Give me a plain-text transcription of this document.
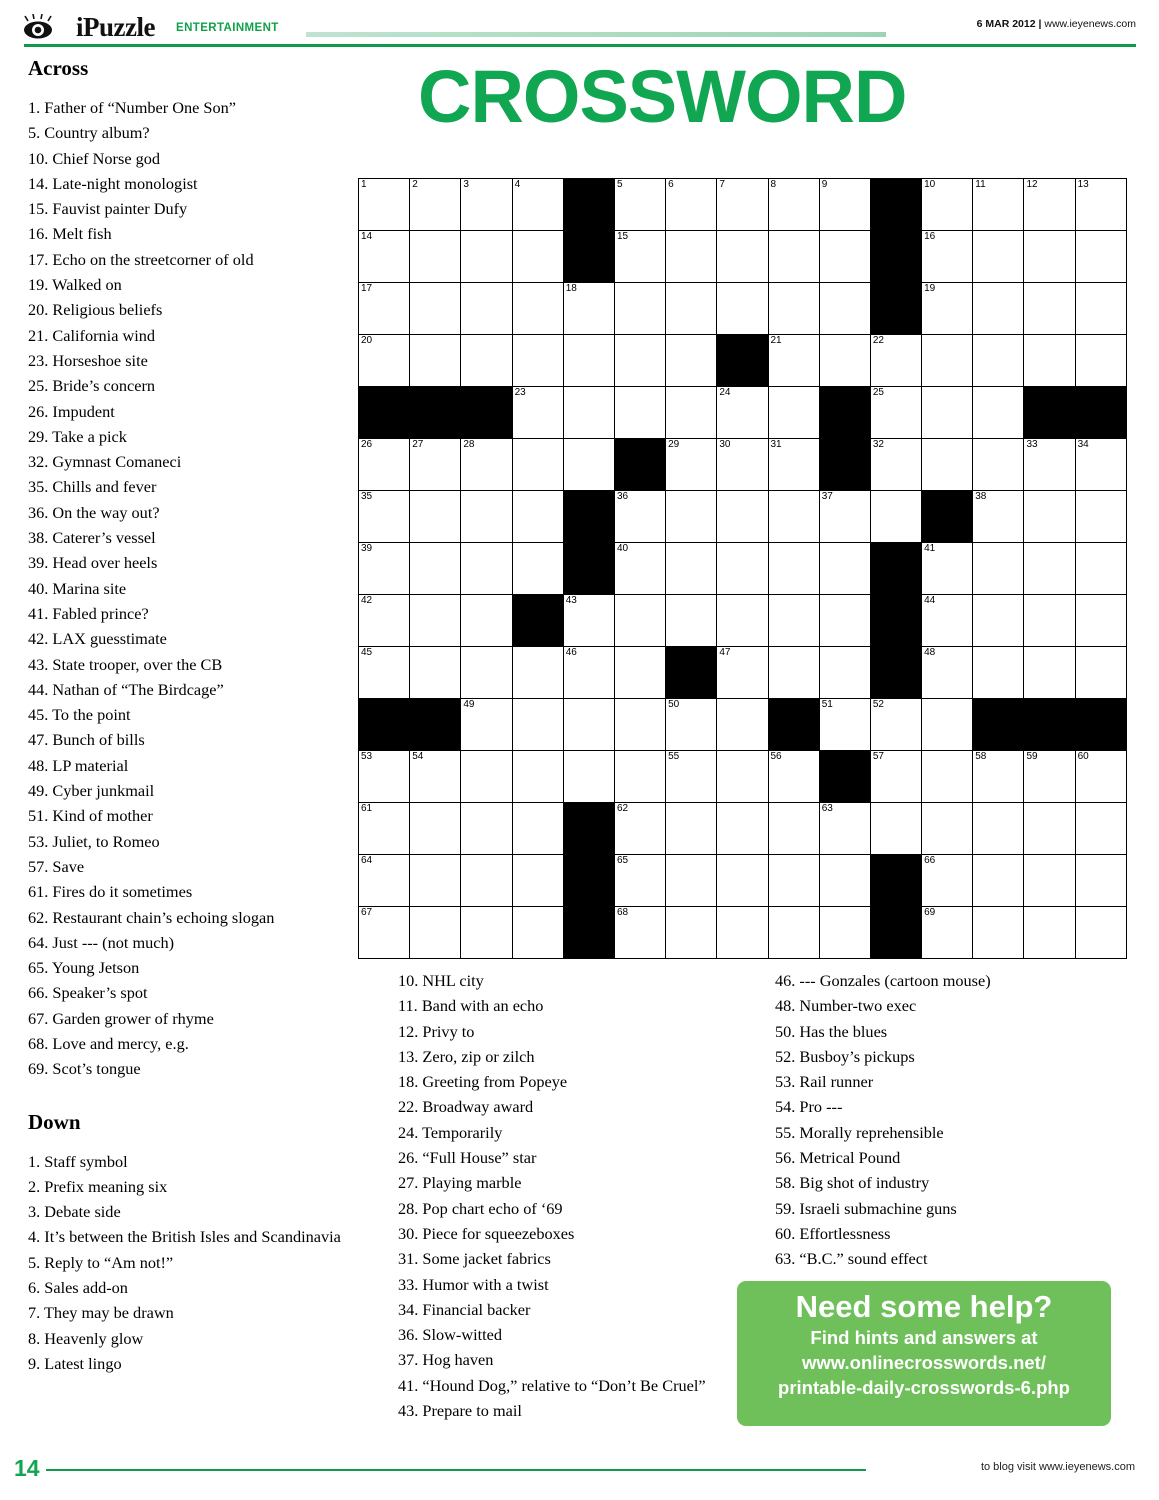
iPuzzle ENTERTAINMENT	6 MAR 2012 | www.ieyenews.com
CROSSWORD
Across
1. Father of “Number One Son”
5. Country album?
10. Chief Norse god
14. Late-night monologist
15. Fauvist painter Dufy
16. Melt fish
17. Echo on the streetcorner of old
19. Walked on
20. Religious beliefs
21. California wind
23. Horseshoe site
25. Bride’s concern
26. Impudent
29. Take a pick
32. Gymnast Comaneci
35. Chills and fever
36. On the way out?
38. Caterer’s vessel
39. Head over heels
40. Marina site
41. Fabled prince?
42. LAX guesstimate
43. State trooper, over the CB
44. Nathan of “The Birdcage”
45. To the point
47. Bunch of bills
48. LP material
49. Cyber junkmail
51. Kind of mother
53. Juliet, to Romeo
57. Save
61. Fires do it sometimes
62. Restaurant chain’s echoing slogan
64. Just --- (not much)
65. Young Jetson
66. Speaker’s spot
67. Garden grower of rhyme
68. Love and mercy, e.g.
69. Scot’s tongue
Down
1. Staff symbol
2. Prefix meaning six
3. Debate side
4. It’s between the British Isles and Scandinavia
5. Reply to “Am not!”
6. Sales add-on
7. They may be drawn
8. Heavenly glow
9. Latest lingo
1	2	3	4		5	6	7	8	9		10	11	12	13

14					15						16			

17				18							19			

20								21		22				

			23				24			25				

26	27	28				29	30	31		32			33	34

35					36				37			38		

39					40						41			

42				43							44			

45				46			47				48			

		49				50			51	52				

53	54					55		56		57		58	59	60

61					62				63					

64					65						66			

67					68						69			

10. NHL city
11. Band with an echo
12. Privy to
13. Zero, zip or zilch
18. Greeting from Popeye
22. Broadway award
24. Temporarily
26. “Full House” star
27. Playing marble
28. Pop chart echo of ‘69
30. Piece for squeezeboxes
31. Some jacket fabrics
33. Humor with a twist
34. Financial backer
36. Slow-witted
37. Hog haven
41. “Hound Dog,” relative to “Don’t Be Cruel”
43. Prepare to mail
46. --- Gonzales (cartoon mouse)
48. Number-two exec
50. Has the blues
52. Busboy’s pickups
53. Rail runner
54. Pro ---
55. Morally reprehensible
56. Metrical Pound
58. Big shot of industry
59. Israeli submachine guns
60. Effortlessness
63. “B.C.” sound effect
Need some help?
Find hints and answers at
www.onlinecrosswords.net/
printable-daily-crosswords-6.php
14	to blog visit www.ieyenews.com
